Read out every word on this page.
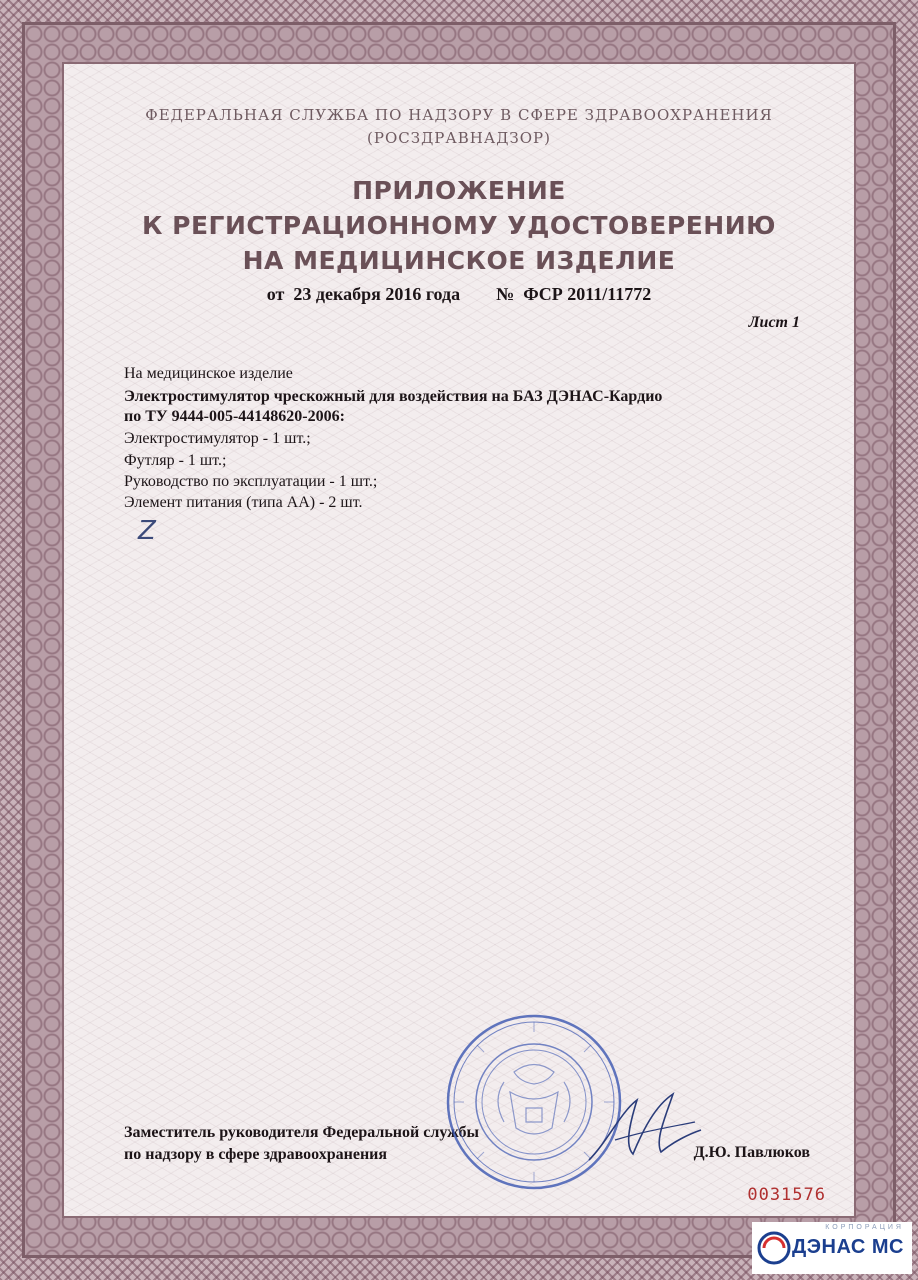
ФЕДЕРАЛЬНАЯ СЛУЖБА ПО НАДЗОРУ В СФЕРЕ ЗДРАВООХРАНЕНИЯ
(РОСЗДРАВНАДЗОР)
ПРИЛОЖЕНИЕ
К РЕГИСТРАЦИОННОМУ УДОСТОВЕРЕНИЮ
НА МЕДИЦИНСКОЕ ИЗДЕЛИЕ
от  23 декабря 2016 года № ФСР 2011/11772
Лист 1
На медицинское изделие
Электростимулятор чрескожный для воздействия на БАЗ ДЭНАС-Кардио
по ТУ 9444-005-44148620-2006:
Электростимулятор - 1 шт.;
Футляр - 1 шт.;
Руководство по эксплуатации - 1 шт.;
Элемент питания (типа АА) - 2 шт.
Z
Заместитель руководителя Федеральной службы
по надзору в сфере здравоохранения	Д.Ю. Павлюков
0031576
КОРПОРАЦИЯ
ДЭНАС МС
